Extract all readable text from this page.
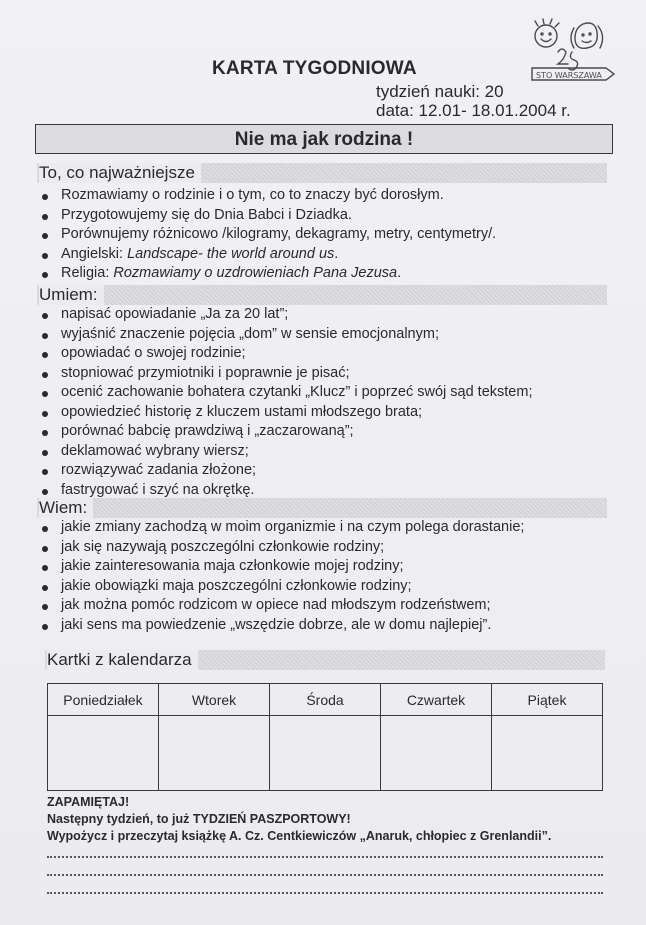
STO WARSZAWA
KARTA TYGODNIOWA
tydzień nauki: 20
data: 12.01- 18.01.2004 r.
Nie ma jak rodzina !
To, co najważniejsze
Rozmawiamy o rodzinie i o tym, co to znaczy być dorosłym.
Przygotowujemy się do Dnia Babci i Dziadka.
Porównujemy różnicowo /kilogramy, dekagramy, metry, centymetry/.
Angielski: Landscape- the world around us.
Religia: Rozmawiamy o uzdrowieniach Pana Jezusa.
Umiem:
napisać opowiadanie „Ja za 20 lat”;
wyjaśnić znaczenie pojęcia „dom” w sensie emocjonalnym;
opowiadać o swojej rodzinie;
stopniować przymiotniki i poprawnie je pisać;
ocenić zachowanie bohatera czytanki „Klucz” i poprzeć swój sąd tekstem;
opowiedzieć historię z kluczem ustami młodszego brata;
porównać babcię prawdziwą i „zaczarowaną”;
deklamować wybrany wiersz;
rozwiązywać zadania złożone;
fastrygować i szyć na okrętkę.
Wiem:
jakie zmiany zachodzą w moim organizmie i na czym polega dorastanie;
jak się nazywają poszczególni członkowie rodziny;
jakie zainteresowania maja członkowie mojej rodziny;
jakie obowiązki maja poszczególni członkowie rodziny;
jak można pomóc rodzicom w opiece nad młodszym rodzeństwem;
jaki sens ma powiedzenie „wszędzie dobrze, ale w domu najlepiej”.
Kartki z kalendarza
Poniedziałek	Wtorek	Środa	Czwartek	Piątek

ZAPAMIĘTAJ!
Następny tydzień, to już TYDZIEŃ PASZPORTOWY!
Wypożycz i przeczytaj książkę A. Cz. Centkiewiczów „Anaruk, chłopiec z Grenlandii”.
